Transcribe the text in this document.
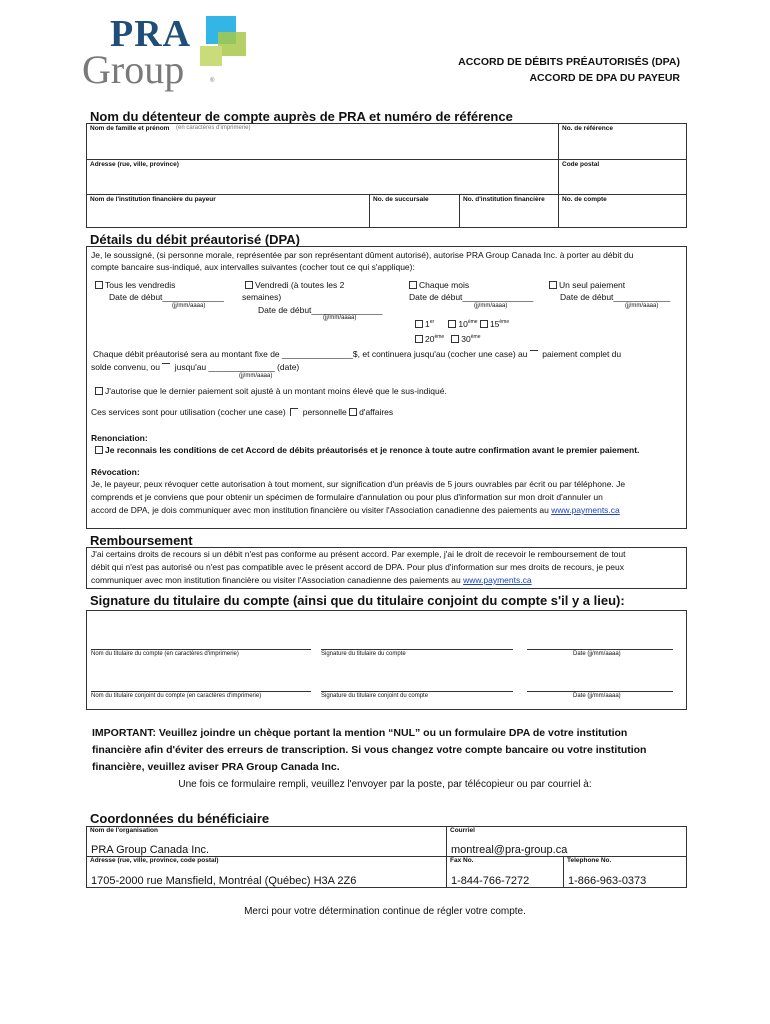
PRA
Group	®
ACCORD DE DÉBITS PRÉAUTORISÉS (DPA)
ACCORD DE DPA DU PAYEUR
Nom du détenteur de compte auprès de PRA et numéro de référence
Nom de famille et prénom (en caractères d'imprimerie)	No. de référence
Adresse (rue, ville, province)	Code postal
Nom de l'institution financière du payeur	No. de succursale	No. d'institution financière	No. de compte
Détails du débit préautorisé (DPA)
Je, le soussigné, (si personne morale, représentée par son représentant dûment autorisé), autorise PRA Group Canada Inc. à porter au débit du
compte bancaire sus-indiqué, aux intervalles suivantes (cocher tout ce qui s'applique):
Tous les vendredis
Date de début_____________
(jj/mm/aaaa)
Vendredi (à toutes les 2
semaines)
Date de début_______________
(jj/mm/aaaa)
Chaque mois
Date de début_______________
(jj/mm/aaaa)
1er	10ème 15ème
20ème 30ème
Un seul paiement
Date de début____________
(jj/mm/aaaa)
Chaque débit préautorisé sera au montant fixe de _______________$, et continuera jusqu'au (cocher une case) au paiement complet du
solde convenu, ou jusqu'au ______________ (date)
(jj/mm/aaaa)
J'autorise que le dernier paiement soit ajusté à un montant moins élevé que le sus-indiqué.
Ces services sont pour utilisation (cocher une case) personnelle d'affaires
Renonciation:
Je reconnais les conditions de cet Accord de débits préautorisés et je renonce à toute autre confirmation avant le premier paiement.
Révocation:
Je, le payeur, peux révoquer cette autorisation à tout moment, sur signification d'un préavis de 5 jours ouvrables par écrit ou par téléphone. Je
comprends et je conviens que pour obtenir un spécimen de formulaire d'annulation ou pour plus d'information sur mon droit d'annuler un
accord de DPA, je dois communiquer avec mon institution financière ou visiter l'Association canadienne des paiements au www.payments.ca
Remboursement
J'ai certains droits de recours si un débit n'est pas conforme au présent accord. Par exemple, j'ai le droit de recevoir le remboursement de tout
débit qui n'est pas autorisé ou n'est pas compatible avec le présent accord de DPA. Pour plus d'information sur mes droits de recours, je peux
communiquer avec mon institution financière ou visiter l'Association canadienne des paiements au www.payments.ca
Signature du titulaire du compte (ainsi que du titulaire conjoint du compte s'il y a lieu):
Nom du titulaire du compte (en caractères d'imprimerie)	Signature du titulaire du compte	Date (jj/mm/aaaa)
Nom du titulaire conjoint du compte (en caractères d'imprimerie)	Signature du titulaire conjoint du compte	Date (jj/mm/aaaa)
IMPORTANT: Veuillez joindre un chèque portant la mention “NUL” ou un formulaire DPA de votre institution
financière afin d'éviter des erreurs de transcription. Si vous changez votre compte bancaire ou votre institution
financière, veuillez aviser PRA Group Canada Inc.
Une fois ce formulaire rempli, veuillez l'envoyer par la poste, par télécopieur ou par courriel à:
Coordonnées du bénéficiaire
Nom de l'organisation
PRA Group Canada Inc.
Courriel
montreal@pra-group.ca
Adresse (rue, ville, province, code postal)
1705-2000 rue Mansfield, Montréal (Québec) H3A 2Z6
Fax No.
1-844-766-7272
Telephone No.
1-866-963-0373
Merci pour votre détermination continue de régler votre compte.
